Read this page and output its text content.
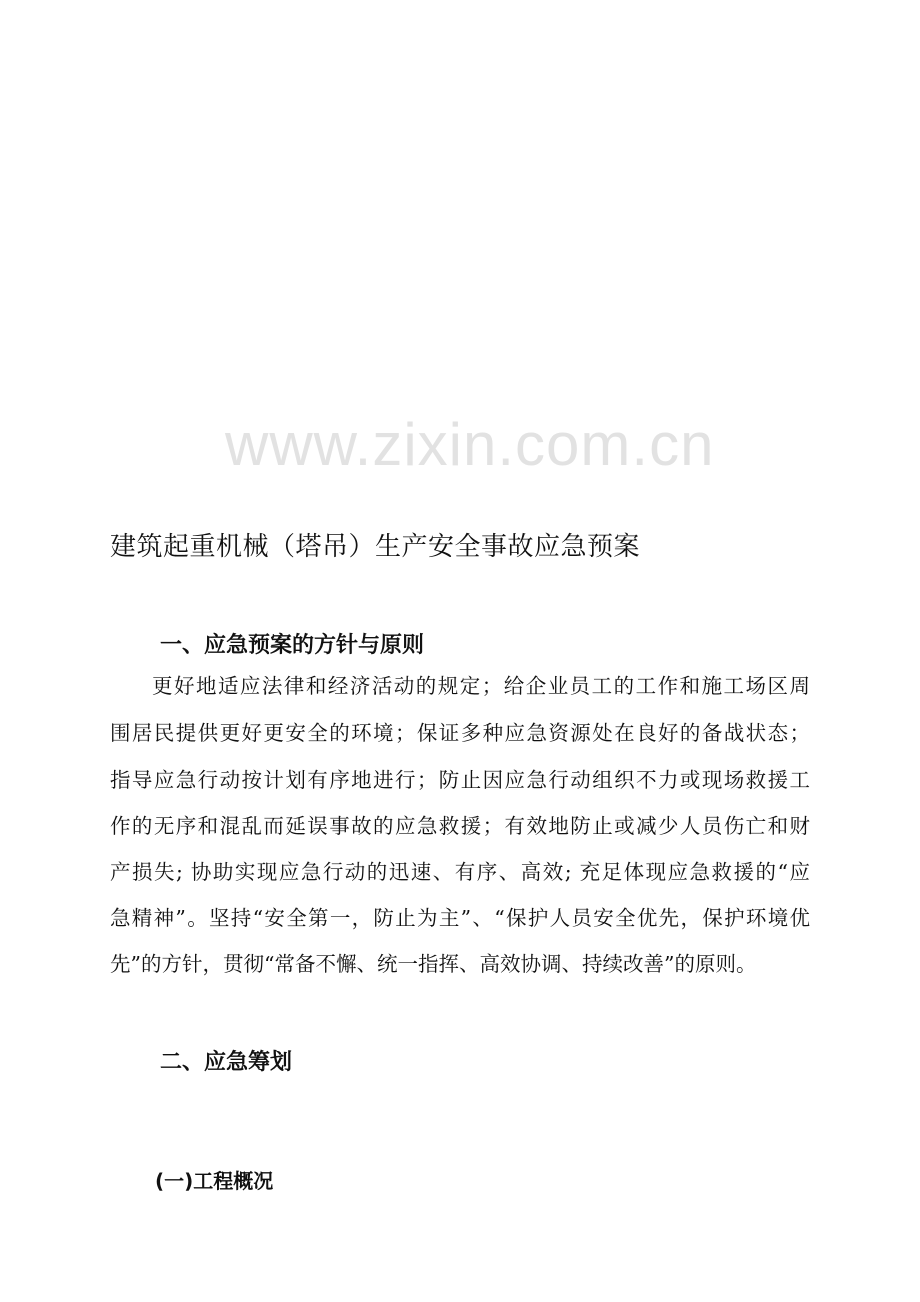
www.zixin.com.cn
建筑起重机械（塔吊）生产安全事故应急预案
一、应急预案的方针与原则
更好地适应法律和经济活动的规定；给企业员工的工作和施工场区周
围居民提供更好更安全的环境；保证多种应急资源处在良好的备战状态；
指导应急行动按计划有序地进行；防止因应急行动组织不力或现场救援工
作的无序和混乱而延误事故的应急救援；有效地防止或减少人员伤亡和财
产损失; 协助实现应急行动的迅速、有序、高效; 充足体现应急救援的“应
急精神”。坚持“安全第一，防止为主”、“保护人员安全优先，保护环境优
先”的方针，贯彻“常备不懈、统一指挥、高效协调、持续改善”的原则。
二、应急筹划
(一)工程概况
